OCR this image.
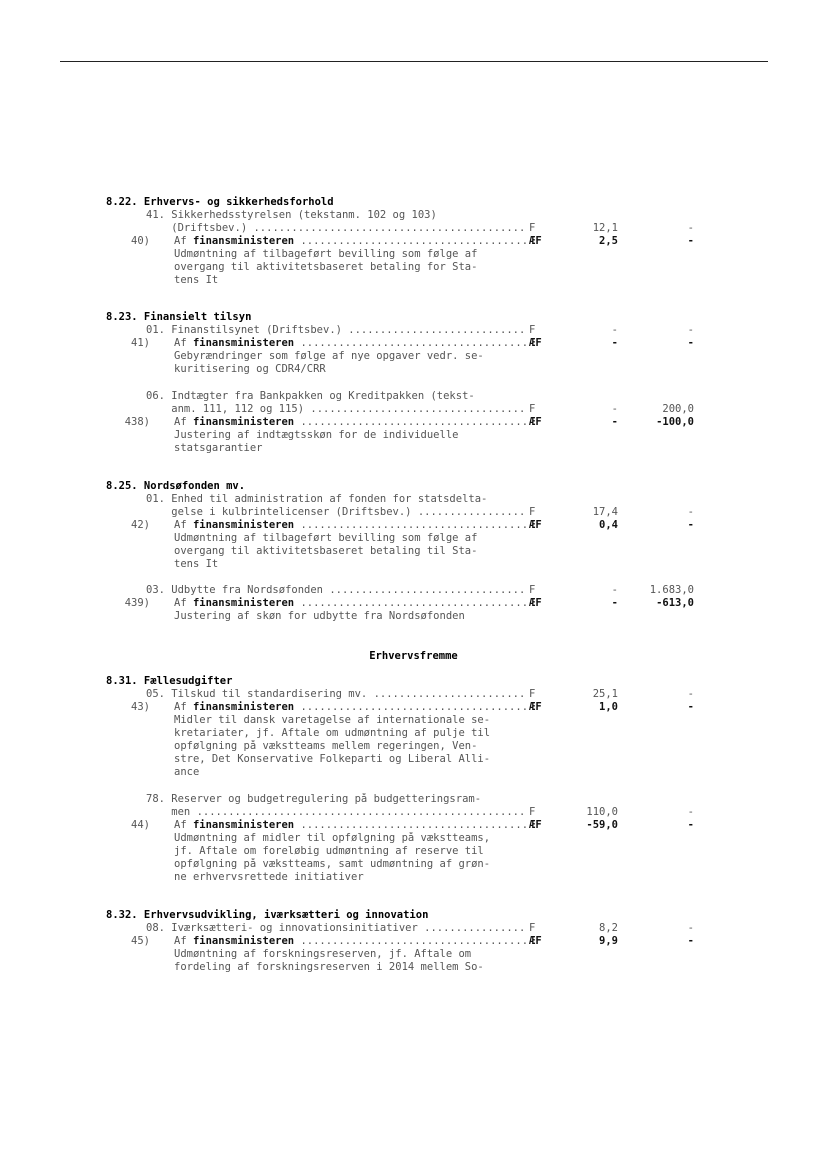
8.22. Erhvervs- og sikkerhedsforhold
41. Sikkerhedsstyrelsen (tekstanm. 102 og 103)
(Driftsbev.) ........................................... F	12,1	-
40) Af finansministeren .................................... ÆF	2,5	-
Udmøntning af tilbageført bevilling som følge af
overgang til aktivitetsbaseret betaling for Sta-
tens It
8.23. Finansielt tilsyn
01. Finanstilsynet (Driftsbev.) ............................ F	-	-
41) Af finansministeren .................................... ÆF	-	-
Gebyrændringer som følge af nye opgaver vedr. se-
kuritisering og CDR4/CRR
06. Indtægter fra Bankpakken og Kreditpakken (tekst-
anm. 111, 112 og 115) .................................. F	-	200,0
438) Af finansministeren .................................... ÆF	-	-100,0
Justering af indtægtsskøn for de individuelle
statsgarantier
8.25. Nordsøfonden mv.
01. Enhed til administration af fonden for statsdelta-
gelse i kulbrintelicenser (Driftsbev.) ................. F	17,4	-
42) Af finansministeren .................................... ÆF	0,4	-
Udmøntning af tilbageført bevilling som følge af
overgang til aktivitetsbaseret betaling til Sta-
tens It
03. Udbytte fra Nordsøfonden ............................... F	-	1.683,0
439) Af finansministeren .................................... ÆF	-	-613,0
Justering af skøn for udbytte fra Nordsøfonden
Erhvervsfremme
8.31. Fællesudgifter
05. Tilskud til standardisering mv. ........................ F	25,1	-
43) Af finansministeren .................................... ÆF	1,0	-
Midler til dansk varetagelse af internationale se-
kretariater, jf. Aftale om udmøntning af pulje til
opfølgning på vækstteams mellem regeringen, Ven-
stre, Det Konservative Folkeparti og Liberal Alli-
ance
78. Reserver og budgetregulering på budgetteringsram-
men .................................................... F	110,0	-
44) Af finansministeren .................................... ÆF	-59,0	-
Udmøntning af midler til opfølgning på vækstteams,
jf. Aftale om foreløbig udmøntning af reserve til
opfølgning på vækstteams, samt udmøntning af grøn-
ne erhvervsrettede initiativer
8.32. Erhvervsudvikling, iværksætteri og innovation
08. Iværksætteri- og innovationsinitiativer ................ F	8,2	-
45) Af finansministeren .................................... ÆF	9,9	-
Udmøntning af forskningsreserven, jf. Aftale om
fordeling af forskningsreserven i 2014 mellem So-
